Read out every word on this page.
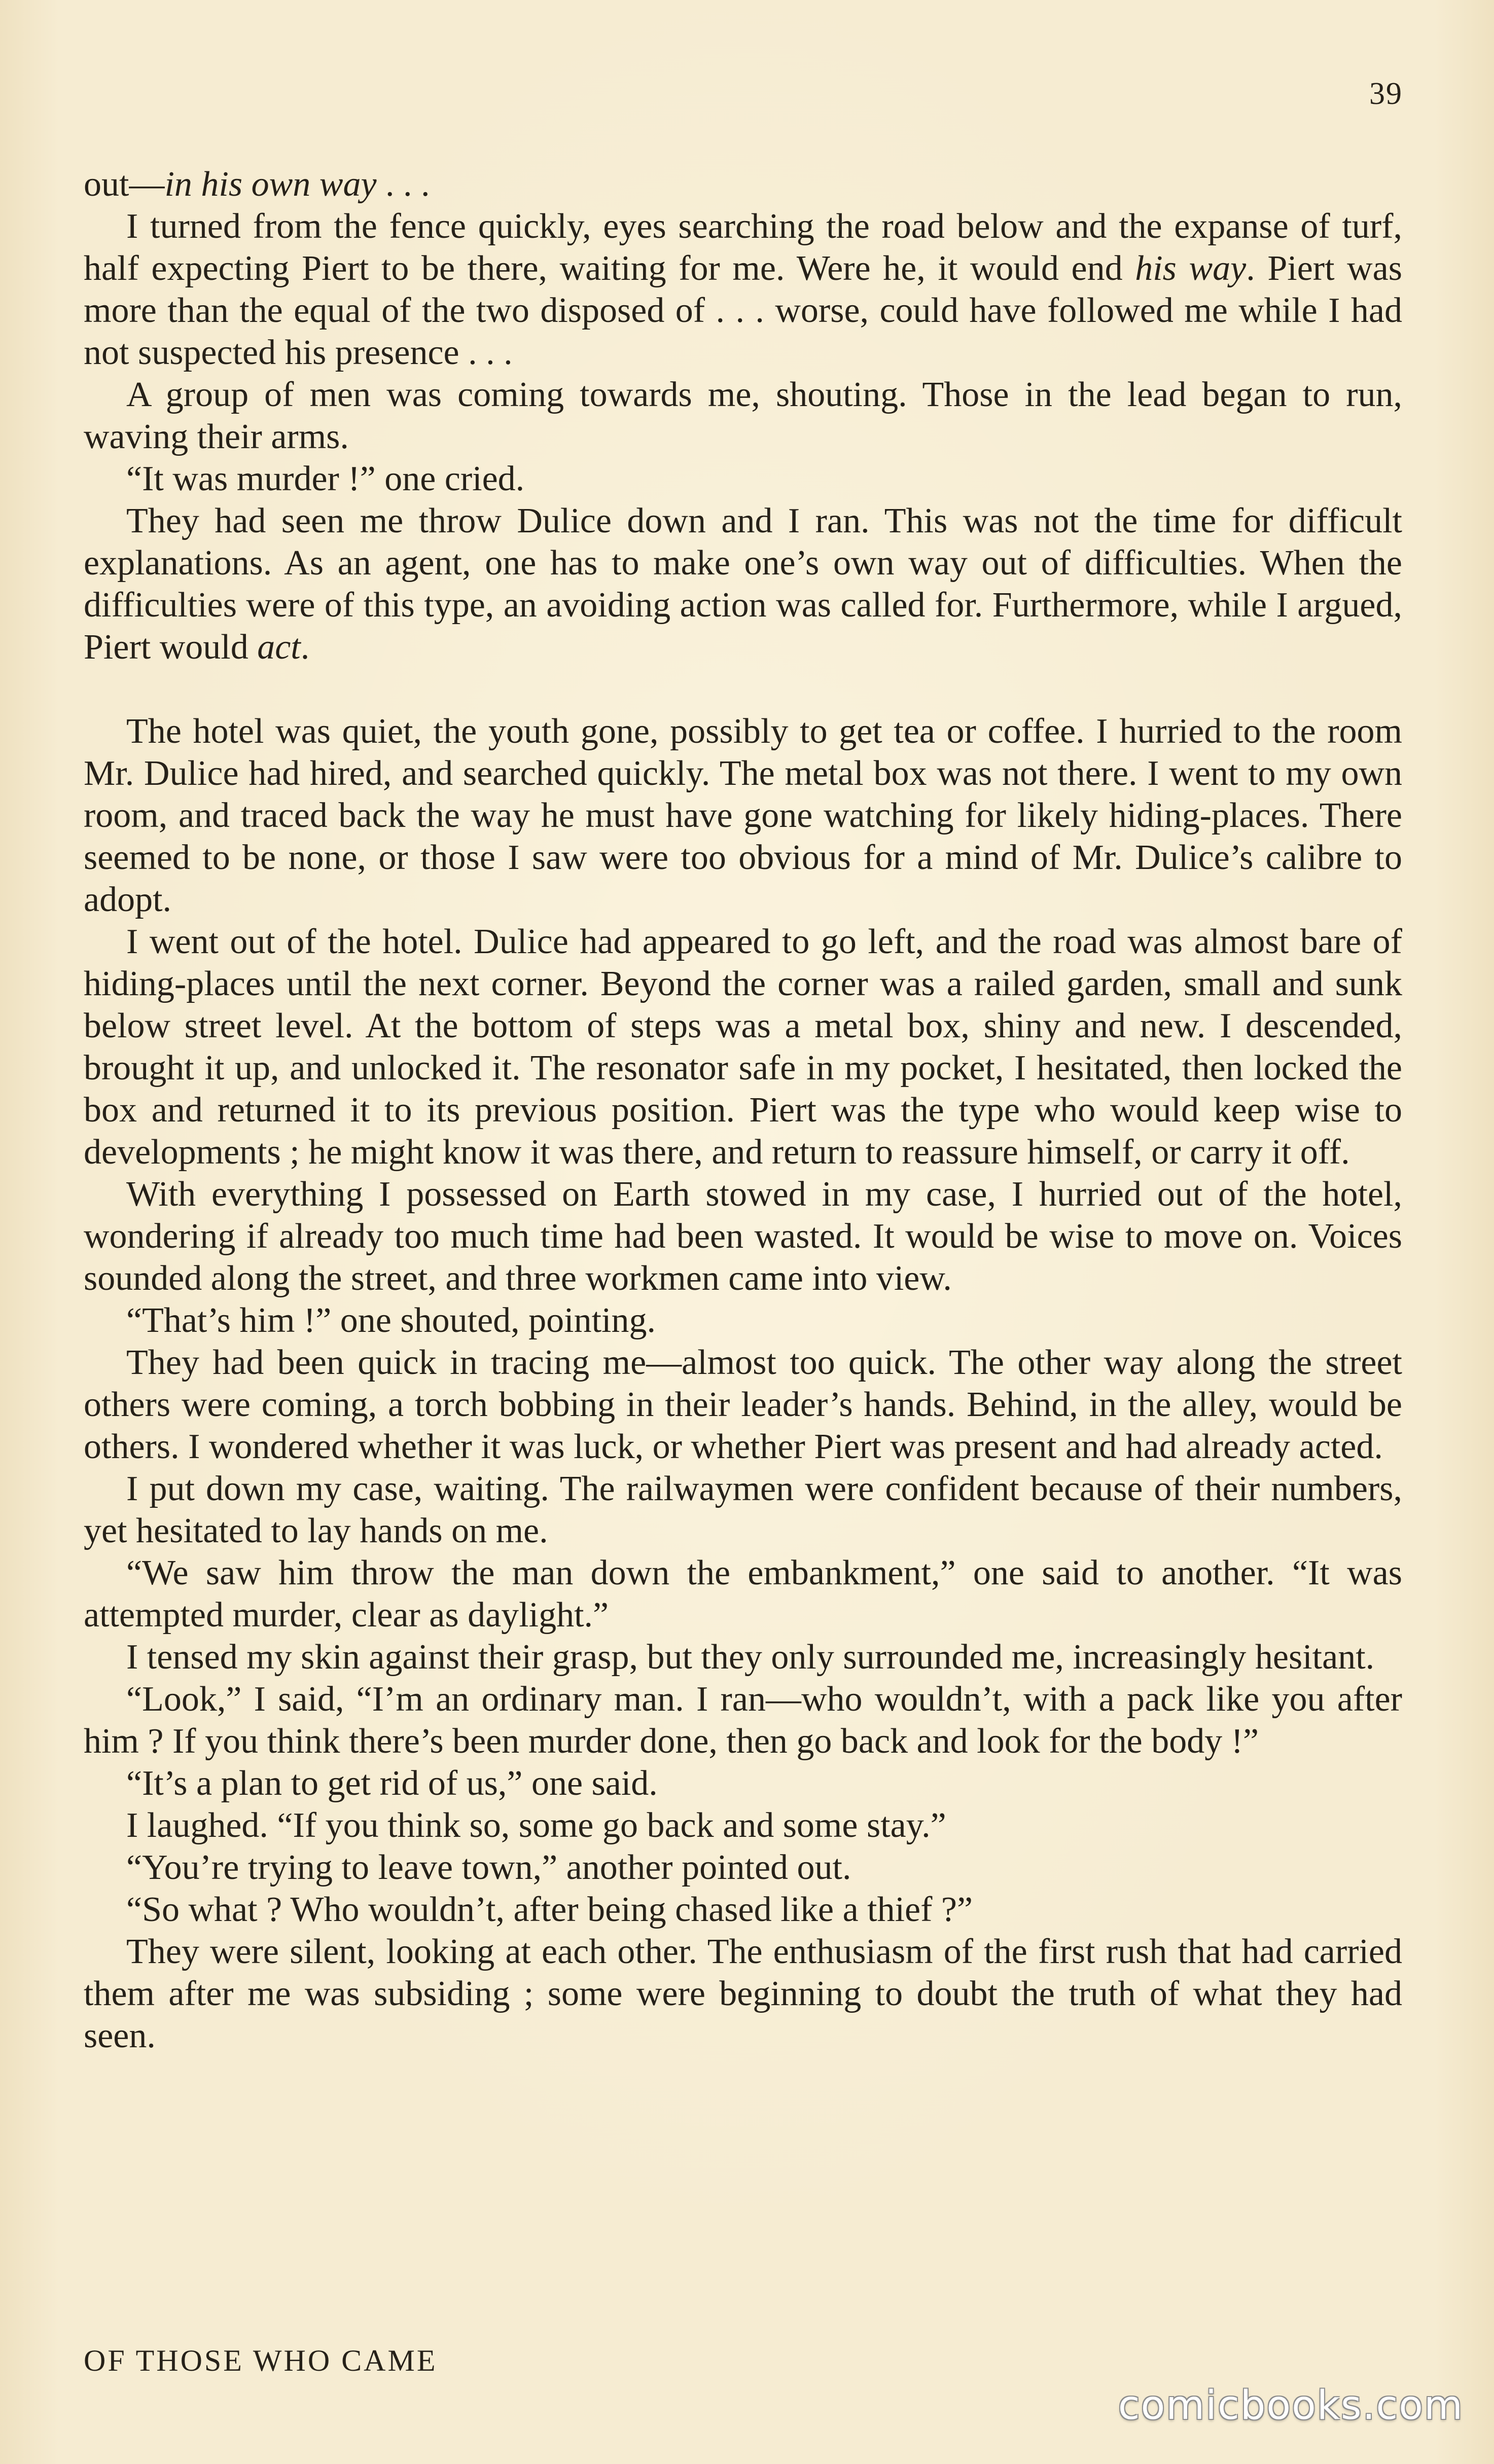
39

out—in his own way . . .

I turned from the fence quickly, eyes searching the road below and the expanse of turf, half expecting Piert to be there, waiting for me. Were he, it would end his way. Piert was more than the equal of the two disposed of . . . worse, could have followed me while I had not suspected his presence . . .

A group of men was coming towards me, shouting. Those in the lead began to run, waving their arms.

“It was murder !” one cried.

They had seen me throw Dulice down and I ran. This was not the time for difficult explanations. As an agent, one has to make one’s own way out of difficulties. When the difficulties were of this type, an avoiding action was called for. Furthermore, while I argued, Piert would act.

The hotel was quiet, the youth gone, possibly to get tea or coffee. I hurried to the room Mr. Dulice had hired, and searched quickly. The metal box was not there. I went to my own room, and traced back the way he must have gone watching for likely hiding-places. There seemed to be none, or those I saw were too obvious for a mind of Mr. Dulice’s calibre to adopt.

I went out of the hotel. Dulice had appeared to go left, and the road was almost bare of hiding-places until the next corner. Beyond the corner was a railed garden, small and sunk below street level. At the bottom of steps was a metal box, shiny and new. I descended, brought it up, and unlocked it. The resonator safe in my pocket, I hesitated, then locked the box and returned it to its previous position. Piert was the type who would keep wise to developments ; he might know it was there, and return to reassure himself, or carry it off.

With everything I possessed on Earth stowed in my case, I hurried out of the hotel, wondering if already too much time had been wasted. It would be wise to move on. Voices sounded along the street, and three workmen came into view.

“That’s him !” one shouted, pointing.

They had been quick in tracing me—almost too quick. The other way along the street others were coming, a torch bobbing in their leader’s hands. Behind, in the alley, would be others. I wondered whether it was luck, or whether Piert was present and had already acted.

I put down my case, waiting. The railwaymen were confident because of their numbers, yet hesitated to lay hands on me.

“We saw him throw the man down the embankment,” one said to another. “It was attempted murder, clear as daylight.”

I tensed my skin against their grasp, but they only surrounded me, increasingly hesitant.

“Look,” I said, “I’m an ordinary man. I ran—who wouldn’t, with a pack like you after him ? If you think there’s been murder done, then go back and look for the body !”

“It’s a plan to get rid of us,” one said.

I laughed. “If you think so, some go back and some stay.”

“You’re trying to leave town,” another pointed out.

“So what ? Who wouldn’t, after being chased like a thief ?”

They were silent, looking at each other. The enthusiasm of the first rush that had carried them after me was subsiding ; some were beginning to doubt the truth of what they had seen.

OF THOSE WHO CAME
comicbooks.com
